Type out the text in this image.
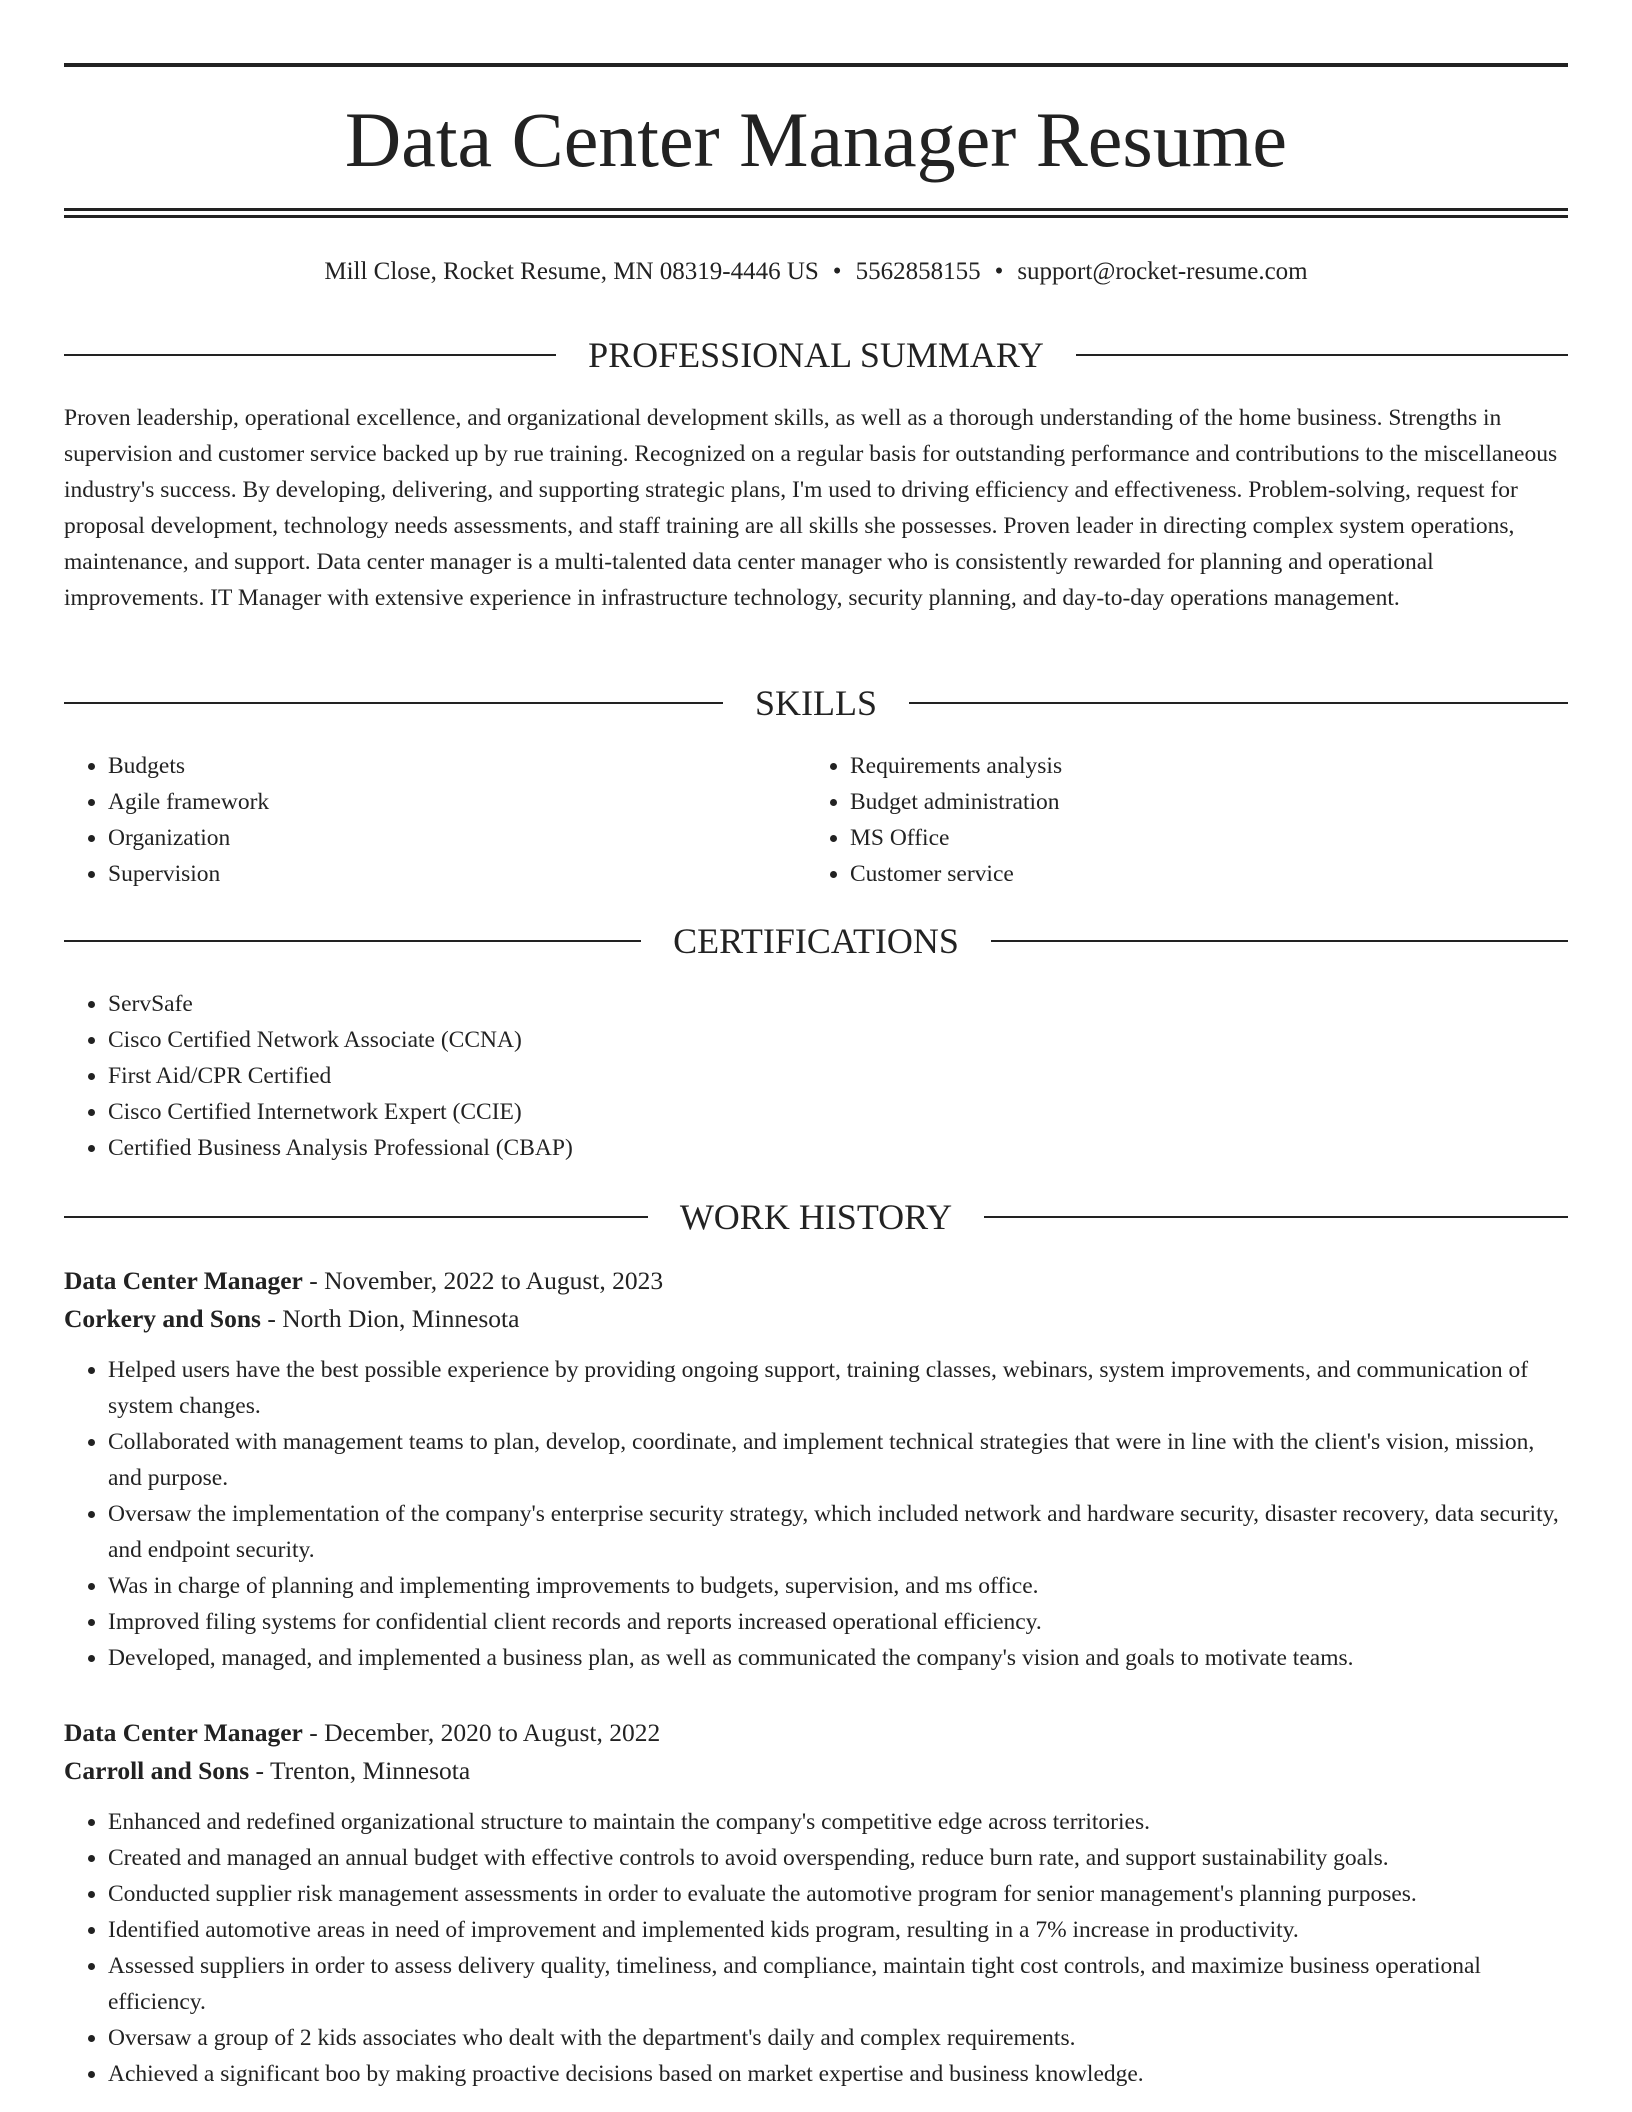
Data Center Manager Resume
Mill Close, Rocket Resume, MN 08319-4446 US • 5562858155 • support@rocket-resume.com
PROFESSIONAL SUMMARY

Proven leadership, operational excellence, and organizational development skills, as well as a thorough understanding of the home business. Strengths in supervision and customer service backed up by rue training. Recognized on a regular basis for outstanding performance and contributions to the miscellaneous industry's success. By developing, delivering, and supporting strategic plans, I'm used to driving efficiency and effectiveness. Problem-solving, request for proposal development, technology needs assessments, and staff training are all skills she possesses. Proven leader in directing complex system operations, maintenance, and support. Data center manager is a multi-talented data center manager who is consistently rewarded for planning and operational improvements. IT Manager with extensive experience in infrastructure technology, security planning, and day-to-day operations management.

SKILLS
• Budgets
• Agile framework
• Organization
• Supervision
• Requirements analysis
• Budget administration
• MS Office
• Customer service
CERTIFICATIONS
• ServSafe
• Cisco Certified Network Associate (CCNA)
• First Aid/CPR Certified
• Cisco Certified Internetwork Expert (CCIE)
• Certified Business Analysis Professional (CBAP)
WORK HISTORY
Data Center Manager - November, 2022 to August, 2023
Corkery and Sons - North Dion, Minnesota
• Helped users have the best possible experience by providing ongoing support, training classes, webinars, system improvements, and communication of system changes.
• Collaborated with management teams to plan, develop, coordinate, and implement technical strategies that were in line with the client's vision, mission, and purpose.
• Oversaw the implementation of the company's enterprise security strategy, which included network and hardware security, disaster recovery, data security, and endpoint security.
• Was in charge of planning and implementing improvements to budgets, supervision, and ms office.
• Improved filing systems for confidential client records and reports increased operational efficiency.
• Developed, managed, and implemented a business plan, as well as communicated the company's vision and goals to motivate teams.
Data Center Manager - December, 2020 to August, 2022
Carroll and Sons - Trenton, Minnesota
• Enhanced and redefined organizational structure to maintain the company's competitive edge across territories.
• Created and managed an annual budget with effective controls to avoid overspending, reduce burn rate, and support sustainability goals.
• Conducted supplier risk management assessments in order to evaluate the automotive program for senior management's planning purposes.
• Identified automotive areas in need of improvement and implemented kids program, resulting in a 7% increase in productivity.
• Assessed suppliers in order to assess delivery quality, timeliness, and compliance, maintain tight cost controls, and maximize business operational efficiency.
• Oversaw a group of 2 kids associates who dealt with the department's daily and complex requirements.
• Achieved a significant boo by making proactive decisions based on market expertise and business knowledge.
